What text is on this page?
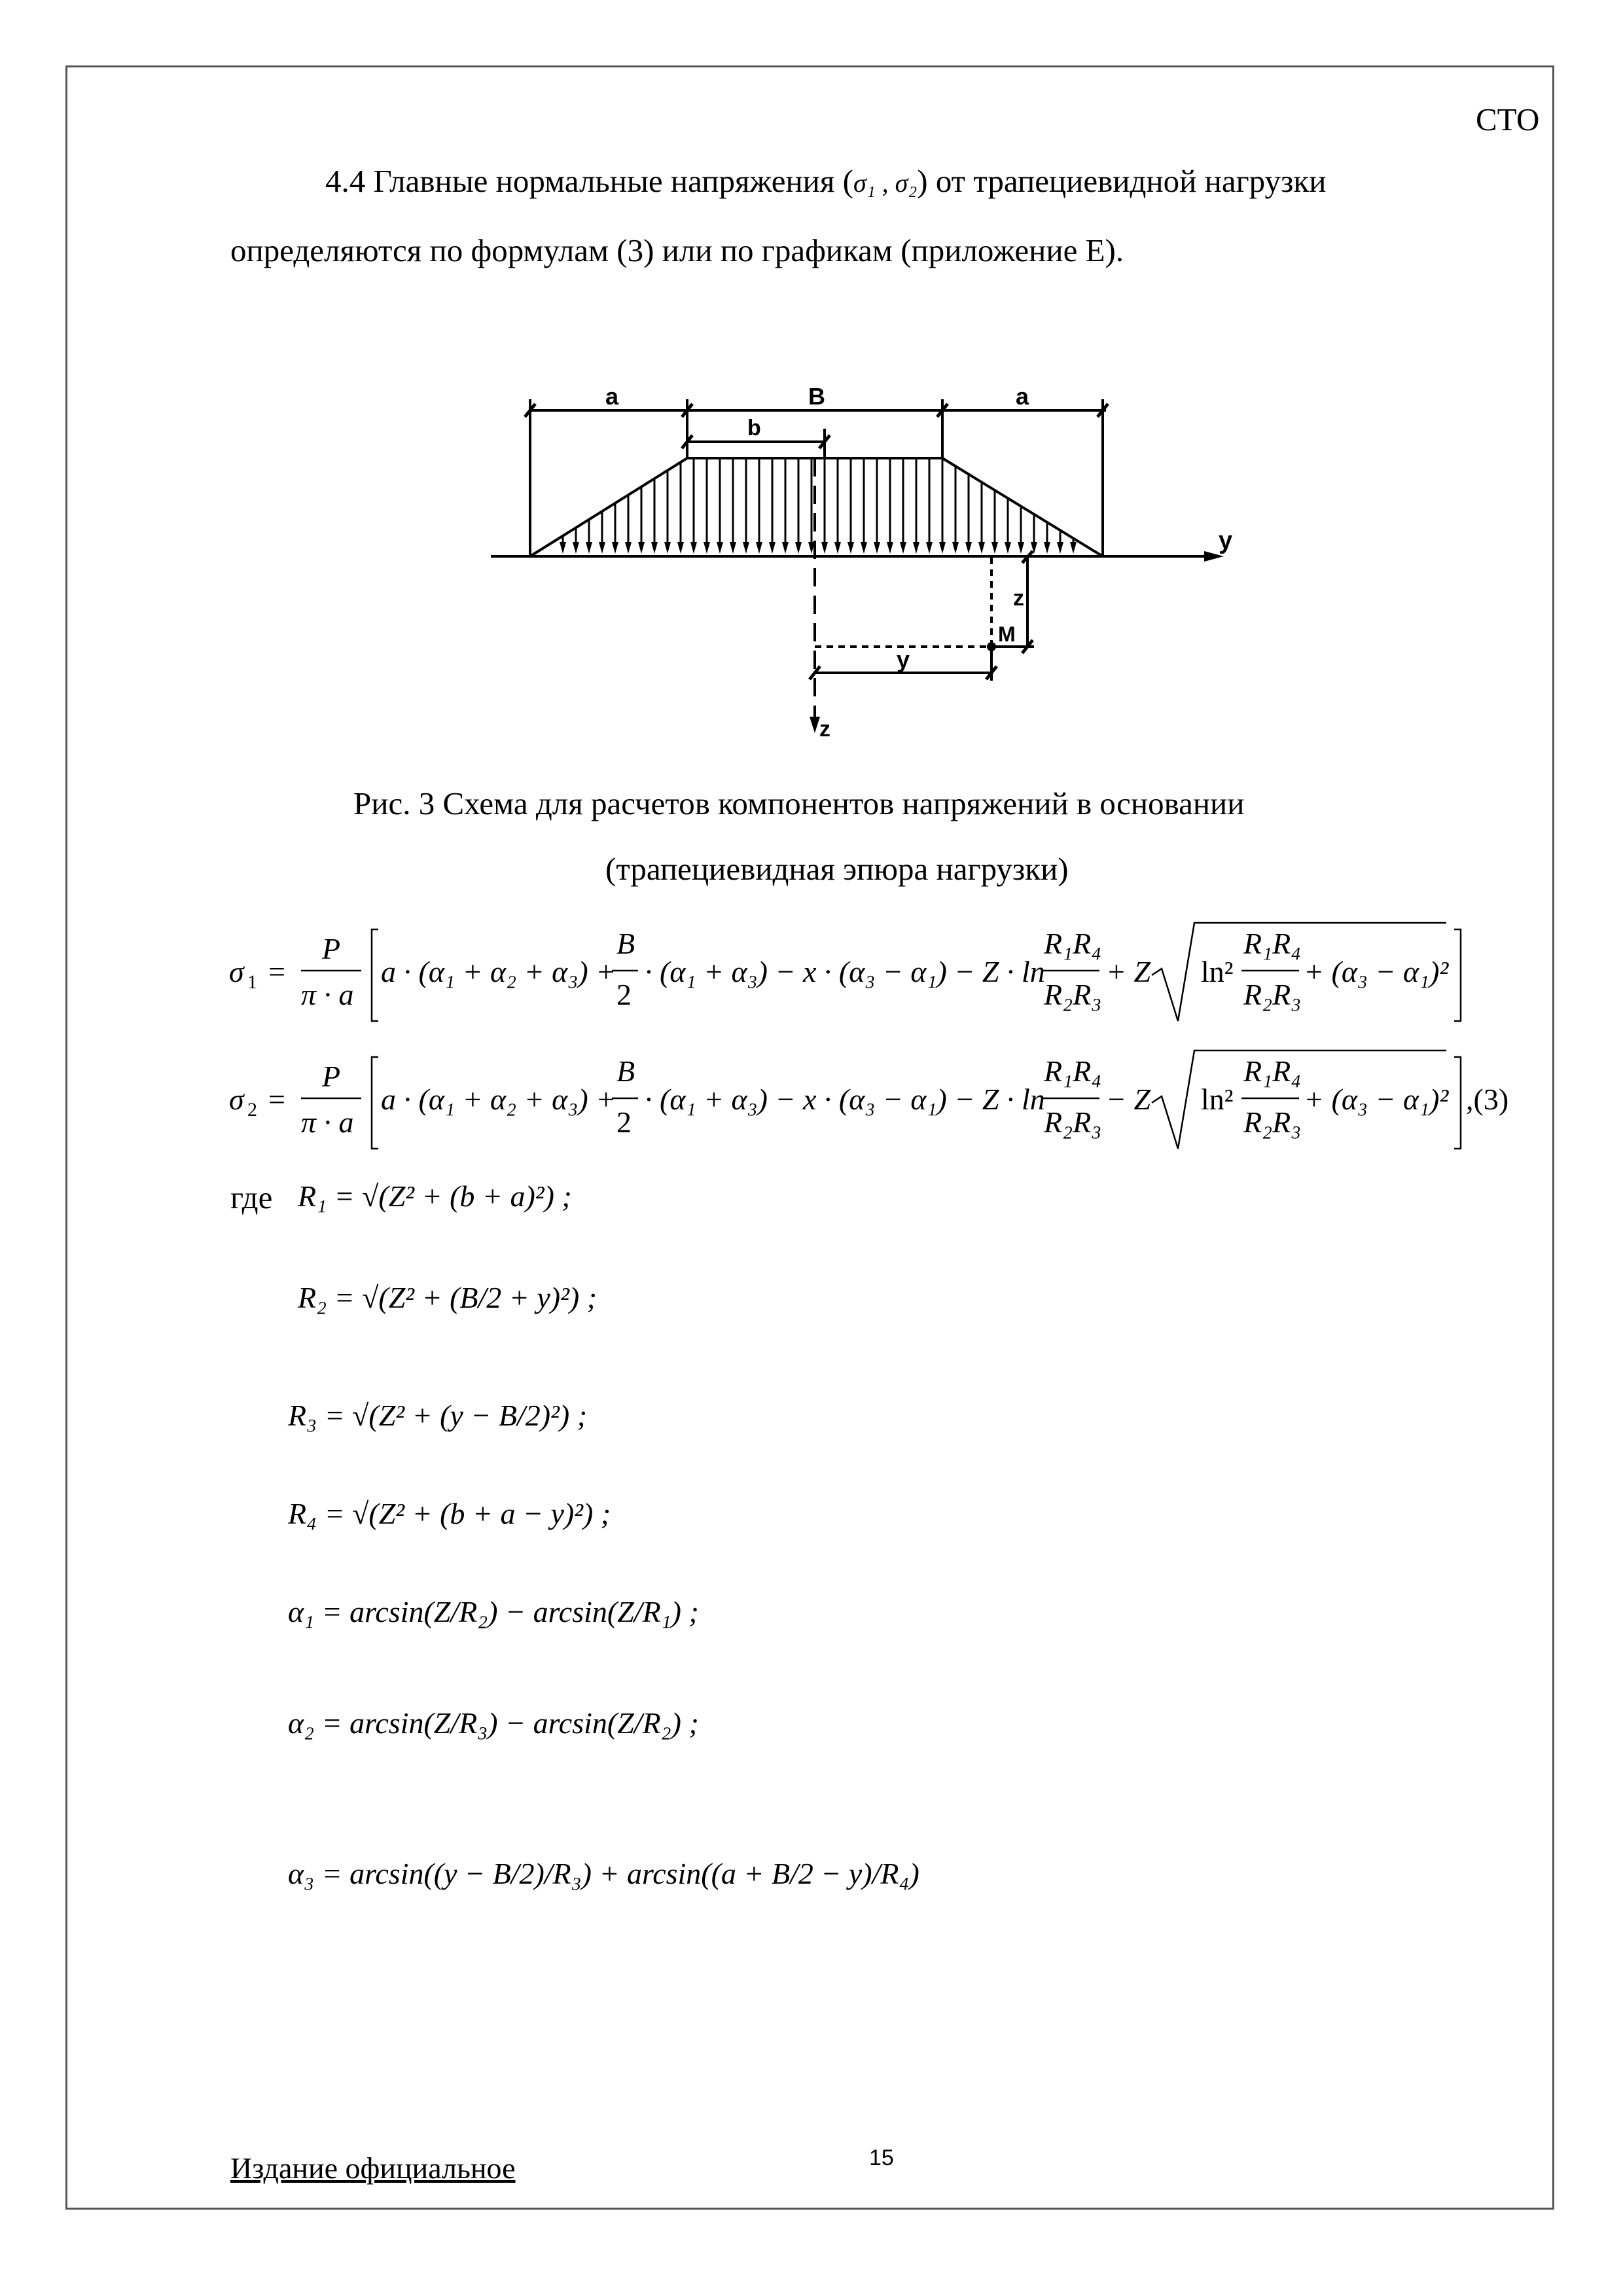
СТО
4.4 Главные нормальные напряжения (σ₁ , σ₂) от трапециевидной нагрузки
определяются по формулам (3) или по графикам (приложение Е).
a	B	a
b
y
z
M
y
z
Рис. 3 Схема для расчетов компонентов напряжений в основании
(трапециевидная эпюра нагрузки)
σ 1 =
P
π · a
a · (α₁ + α₂ + α₃) +
B
2
· (α₁ + α₃) − x · (α₃ − α₁) − Z · ln
R₁R₄
R₂R₃
+ Z ln²
R₁R₄
R₂R₃
+ (α₃ − α₁)²
σ 2 =
P
π · a
a · (α₁ + α₂ + α₃) +
B
2
· (α₁ + α₃) − x · (α₃ − α₁) − Z · ln
R₁R₄
R₂R₃
− Z ln²
R₁R₄
R₂R₃
+ (α₃ − α₁)² ,(3)
где R₁ = √(Z² + (b + a)²) ;
R₂ = √(Z² + (B/2 + y)²) ;
R₃ = √(Z² + (y − B/2)²) ;
R₄ = √(Z² + (b + a − y)²) ;
α₁ = arcsin(Z/R₂) − arcsin(Z/R₁) ;
α₂ = arcsin(Z/R₃) − arcsin(Z/R₂) ;
α₃ = arcsin((y − B/2)/R₃) + arcsin((a + B/2 − y)/R₄)
Издание официальное	15
